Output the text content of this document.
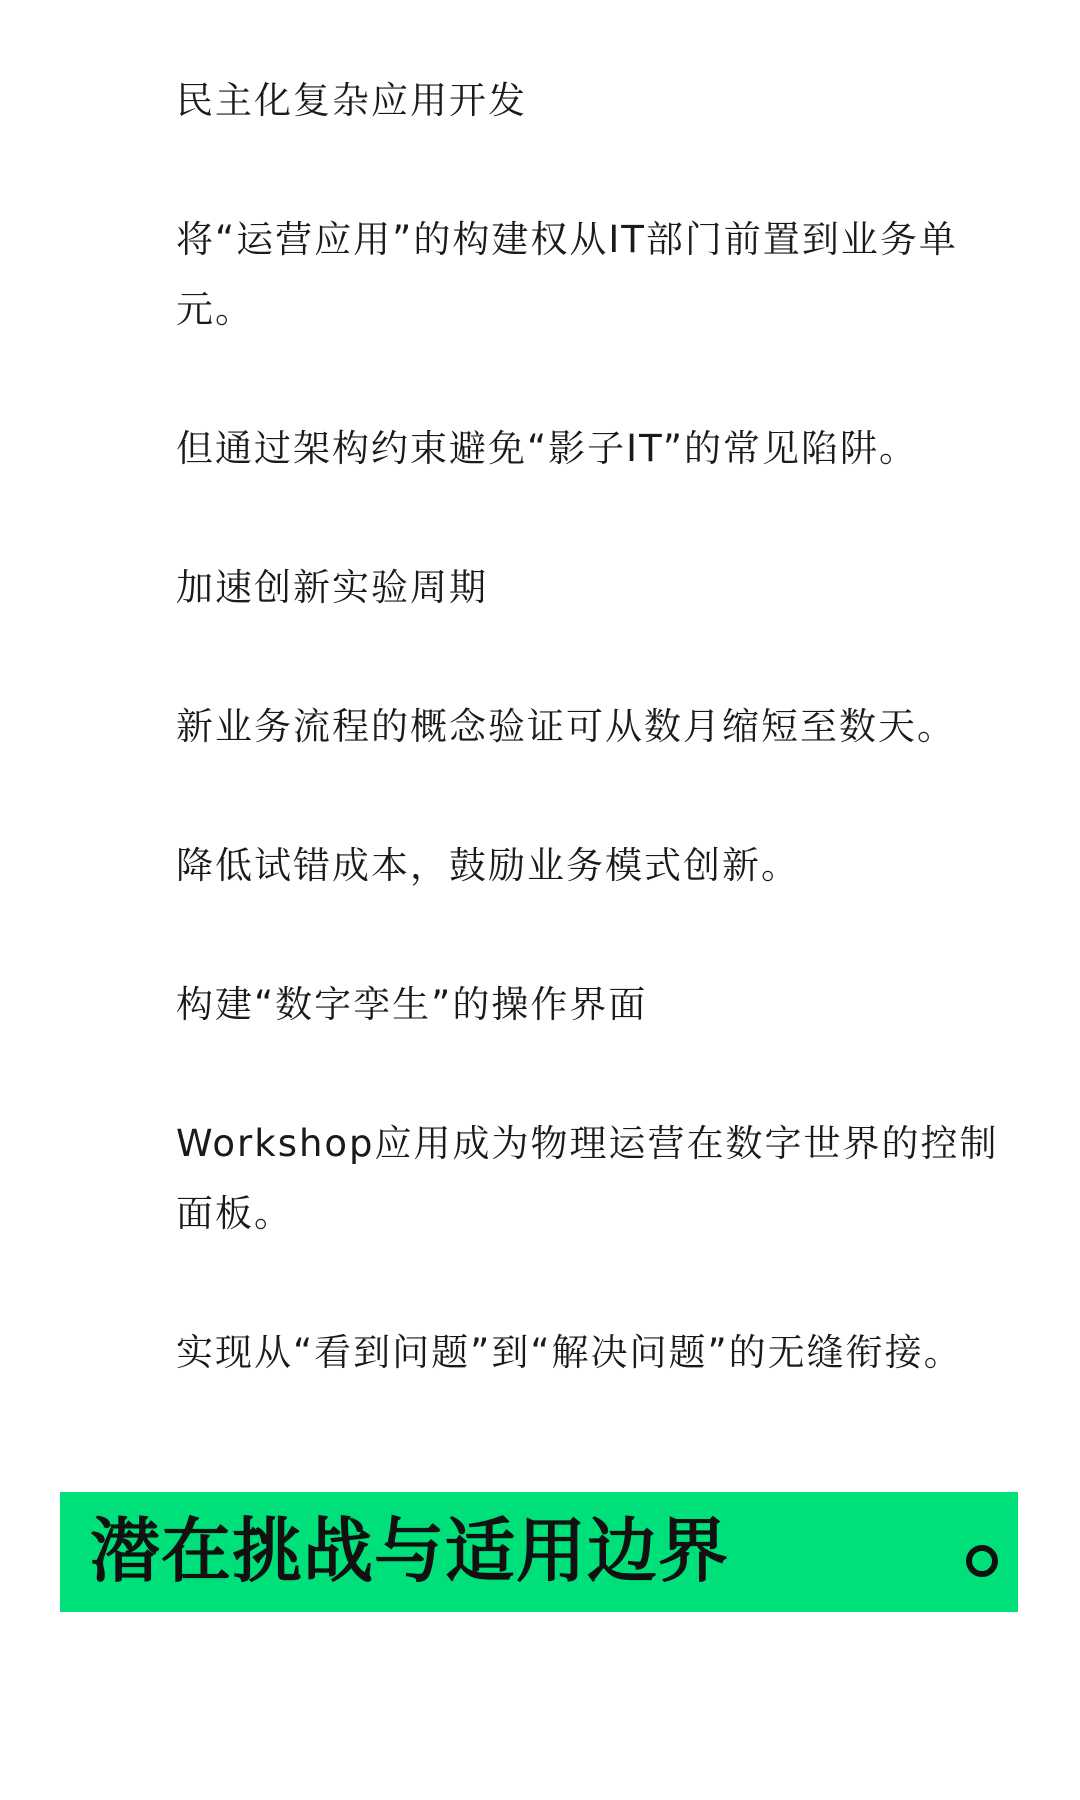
民主化复杂应用开发

将“运营应用”的构建权从IT部门前置到业务单元。

但通过架构约束避免“影子IT”的常见陷阱。

加速创新实验周期

新业务流程的概念验证可从数月缩短至数天。

降低试错成本，鼓励业务模式创新。

构建“数字孪生”的操作界面

Workshop应用成为物理运营在数字世界的控制面板。

实现从“看到问题”到“解决问题”的无缝衔接。

潜在挑战与适用边界
